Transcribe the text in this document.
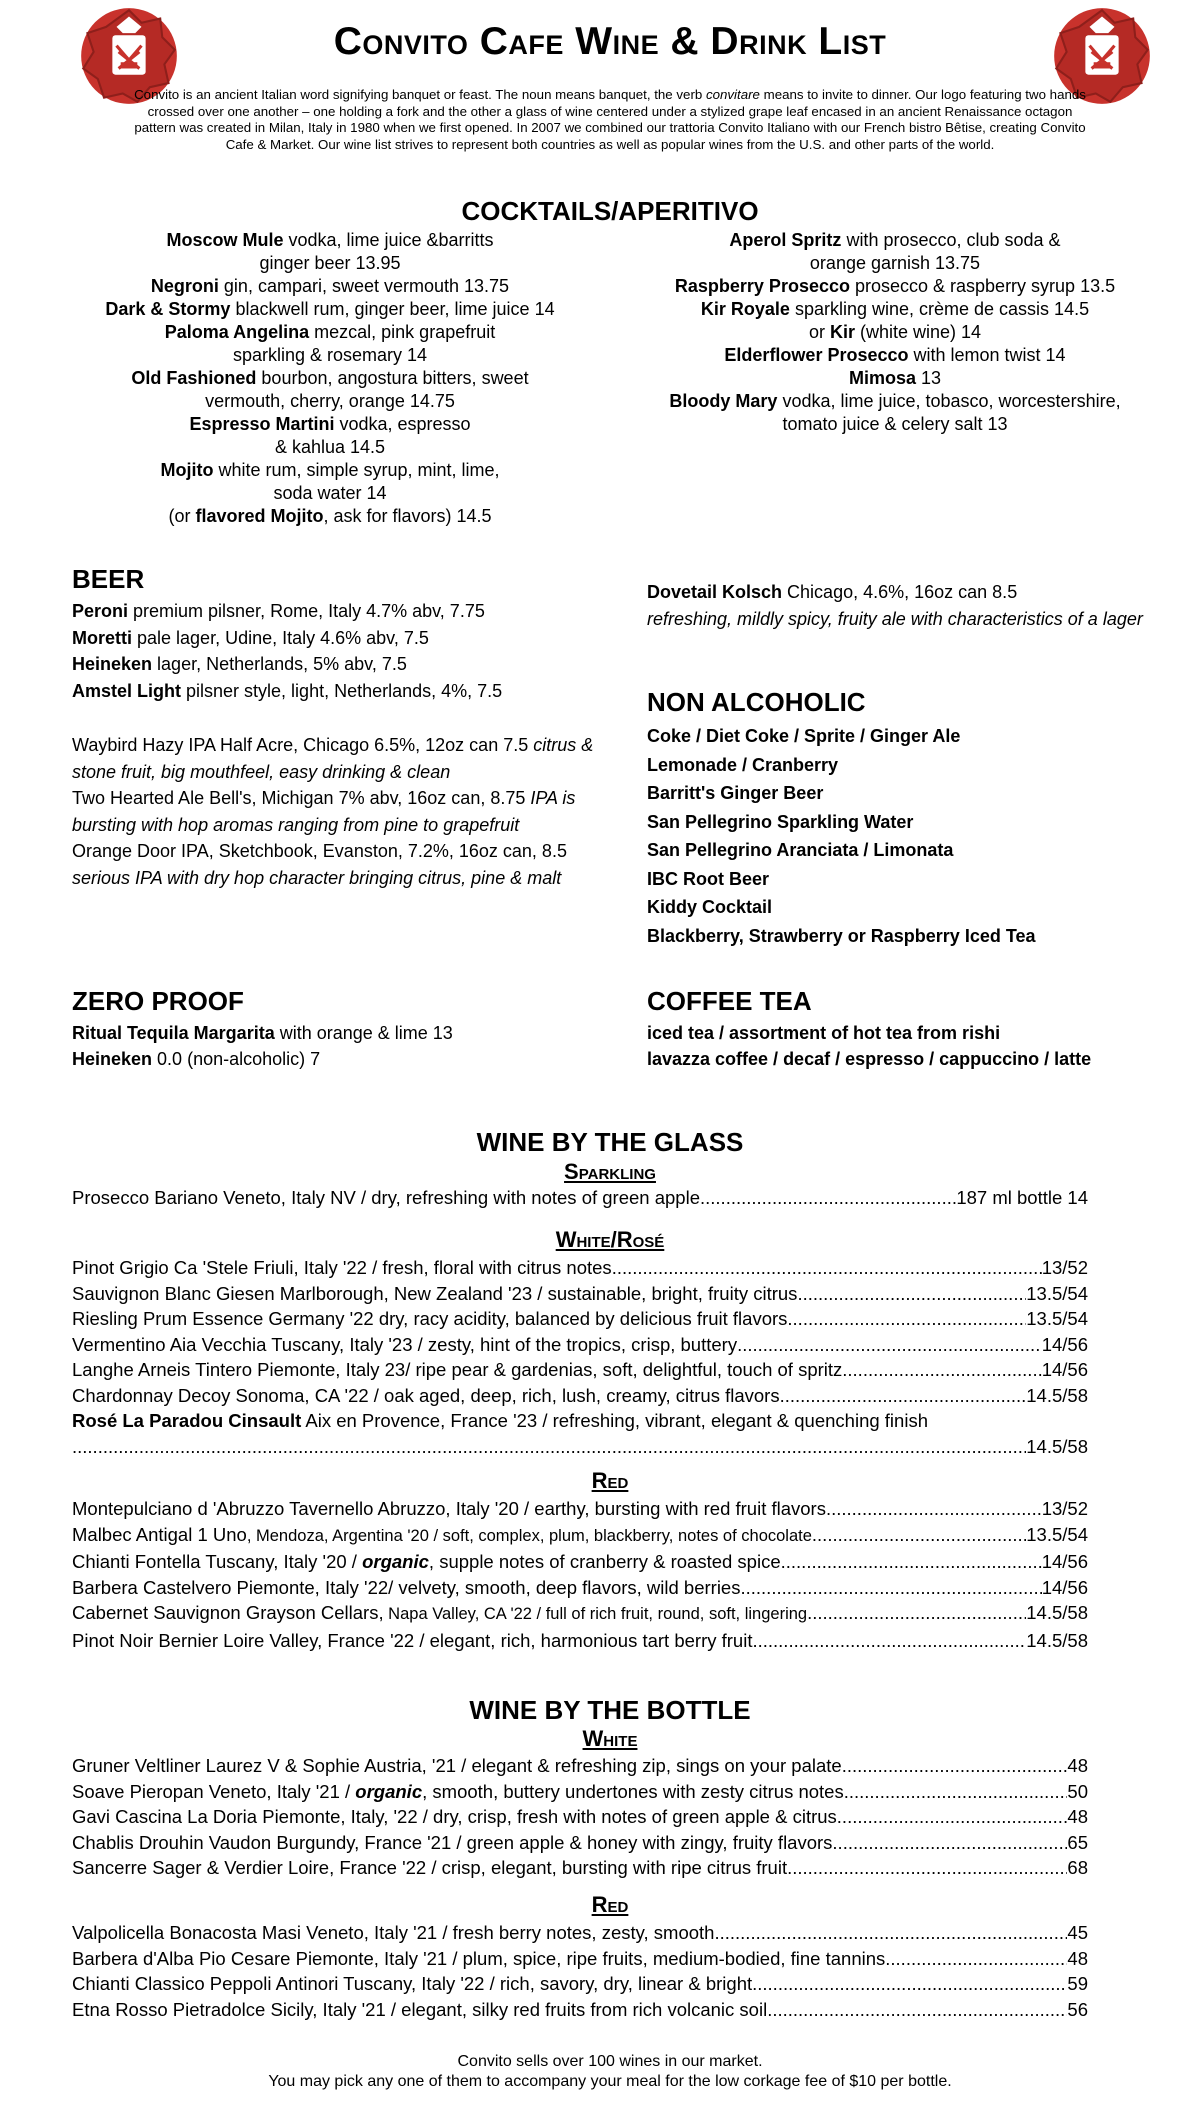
Convito Cafe Wine & Drink List
Convito is an ancient Italian word signifying banquet or feast. The noun means banquet, the verb convitare means to invite to dinner. Our logo featuring two hands crossed over one another – one holding a fork and the other a glass of wine centered under a stylized grape leaf encased in an ancient Renaissance octagon pattern was created in Milan, Italy in 1980 when we first opened. In 2007 we combined our trattoria Convito Italiano with our French bistro Bêtise, creating Convito Cafe & Market. Our wine list strives to represent both countries as well as popular wines from the U.S. and other parts of the world.
COCKTAILS/APERITIVO
Moscow Mule vodka, lime juice &barritts
ginger beer 13.95
Negroni gin, campari, sweet vermouth 13.75
Dark & Stormy blackwell rum, ginger beer, lime juice 14
Paloma Angelina mezcal, pink grapefruit
sparkling & rosemary 14
Old Fashioned bourbon, angostura bitters, sweet
vermouth, cherry, orange 14.75
Espresso Martini vodka, espresso
& kahlua 14.5
Mojito white rum, simple syrup, mint, lime,
soda water 14
(or flavored Mojito, ask for flavors) 14.5
Aperol Spritz with prosecco, club soda &
orange garnish 13.75
Raspberry Prosecco prosecco & raspberry syrup 13.5
Kir Royale sparkling wine, crème de cassis 14.5
or Kir (white wine) 14
Elderflower Prosecco with lemon twist 14
Mimosa 13
Bloody Mary vodka, lime juice, tobasco, worcestershire,
tomato juice & celery salt 13
BEER
Peroni premium pilsner, Rome, Italy 4.7% abv, 7.75
Moretti pale lager, Udine, Italy 4.6% abv, 7.5
Heineken lager, Netherlands, 5% abv, 7.5
Amstel Light pilsner style, light, Netherlands, 4%, 7.5
Waybird Hazy IPA Half Acre, Chicago 6.5%, 12oz can 7.5 citrus & stone fruit, big mouthfeel, easy drinking & clean
Two Hearted Ale Bell's, Michigan 7% abv, 16oz can, 8.75 IPA is bursting with hop aromas ranging from pine to grapefruit
Orange Door IPA, Sketchbook, Evanston, 7.2%, 16oz can, 8.5 serious IPA with dry hop character bringing citrus, pine & malt
Dovetail Kolsch Chicago, 4.6%, 16oz can 8.5
refreshing, mildly spicy, fruity ale with characteristics of a lager
NON ALCOHOLIC
Coke / Diet Coke / Sprite / Ginger Ale
Lemonade / Cranberry
Barritt's Ginger Beer
San Pellegrino Sparkling Water
San Pellegrino Aranciata / Limonata
IBC Root Beer
Kiddy Cocktail
Blackberry, Strawberry or Raspberry Iced Tea
ZERO PROOF
Ritual Tequila Margarita with orange & lime 13
Heineken 0.0 (non-alcoholic) 7
COFFEE TEA
iced tea / assortment of hot tea from rishi
lavazza coffee / decaf / espresso / cappuccino / latte
WINE BY THE GLASS
Sparkling
Prosecco Bariano Veneto, Italy NV / dry, refreshing with notes of green apple .....	187 ml bottle 14
White/Rosé
Pinot Grigio Ca 'Stele Friuli, Italy '22 / fresh, floral with citrus notes .....	13/52
Sauvignon Blanc Giesen Marlborough, New Zealand '23 / sustainable, bright, fruity citrus .....	13.5/54
Riesling Prum Essence Germany '22 dry, racy acidity, balanced by delicious fruit flavors .....	13.5/54
Vermentino Aia Vecchia Tuscany, Italy '23 / zesty, hint of the tropics, crisp, buttery .....	14/56
Langhe Arneis Tintero Piemonte, Italy 23/ ripe pear & gardenias, soft, delightful, touch of spritz .....	14/56
Chardonnay Decoy Sonoma, CA '22 / oak aged, deep, rich, lush, creamy, citrus flavors .....	14.5/58
Rosé La Paradou Cinsault Aix en Provence, France '23 / refreshing, vibrant, elegant & quenching finish
.....
14.5/58
Red
Montepulciano d 'Abruzzo Tavernello Abruzzo, Italy '20 / earthy, bursting with red fruit flavors .....	13/52
Malbec Antigal 1 Uno, Mendoza, Argentina '20 / soft, complex, plum, blackberry, notes of chocolate .....	13.5/54
Chianti Fontella Tuscany, Italy '20 / organic, supple notes of cranberry & roasted spice .....	14/56
Barbera Castelvero Piemonte, Italy '22/ velvety, smooth, deep flavors, wild berries .....	14/56
Cabernet Sauvignon Grayson Cellars, Napa Valley, CA '22 / full of rich fruit, round, soft, lingering .....	14.5/58
Pinot Noir Bernier Loire Valley, France '22 / elegant, rich, harmonious tart berry fruit .....	14.5/58
WINE BY THE BOTTLE
White
Gruner Veltliner Laurez V & Sophie Austria, '21 / elegant & refreshing zip, sings on your palate .....	48
Soave Pieropan Veneto, Italy '21 / organic, smooth, buttery undertones with zesty citrus notes .....	50
Gavi Cascina La Doria Piemonte, Italy, '22 / dry, crisp, fresh with notes of green apple & citrus .....	48
Chablis Drouhin Vaudon Burgundy, France '21 / green apple & honey with zingy, fruity flavors .....	65
Sancerre Sager & Verdier Loire, France '22 / crisp, elegant, bursting with ripe citrus fruit .....	68
Red
Valpolicella Bonacosta Masi Veneto, Italy '21 / fresh berry notes, zesty, smooth .....	45
Barbera d'Alba Pio Cesare Piemonte, Italy '21 / plum, spice, ripe fruits, medium-bodied, fine tannins .....	48
Chianti Classico Peppoli Antinori Tuscany, Italy '22 / rich, savory, dry, linear & bright .....	59
Etna Rosso Pietradolce Sicily, Italy '21 / elegant, silky red fruits from rich volcanic soil .....	56
Convito sells over 100 wines in our market.
You may pick any one of them to accompany your meal for the low corkage fee of $10 per bottle.
